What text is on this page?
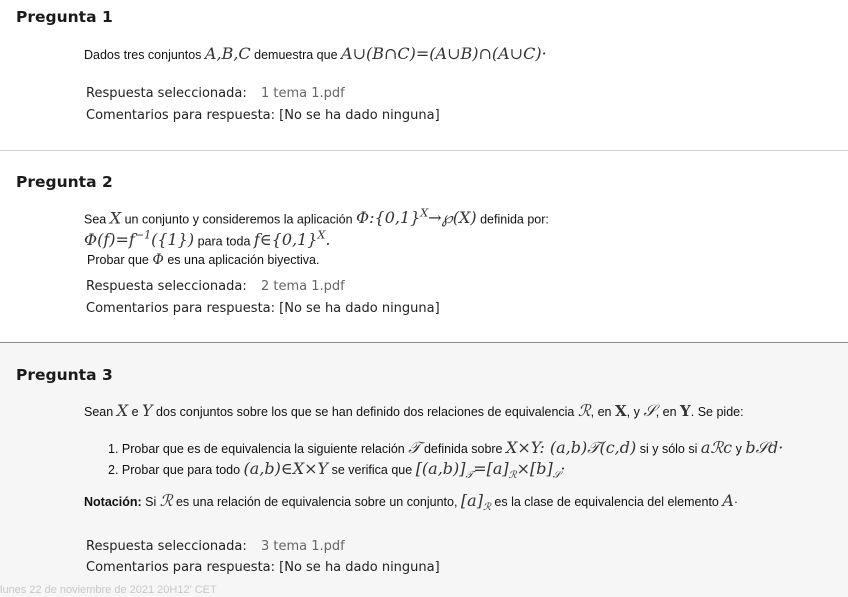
Pregunta 1
Dados tres conjuntos A,B,C demuestra que A∪(B∩C)=(A∪B)∩(A∪C)·
Respuesta seleccionada: 1 tema 1.pdf
Comentarios para respuesta: [No se ha dado ninguna]
Pregunta 2
Sea X un conjunto y consideremos la aplicación $\Phi:\{0,1\}^X\to℘(X)$ definida por:
$\Phi(f)=f^{-1}(\{1\})$ para toda $f\in\{0,1\}^X$.
Probar que Φ es una aplicación biyectiva.
Respuesta seleccionada: 2 tema 1.pdf
Comentarios para respuesta: [No se ha dado ninguna]
Pregunta 3
Sean X e Y dos conjuntos sobre los que se han definido dos relaciones de equivalencia ℛ, en X, y 𝒮, en Y. Se pide:
1. Probar que es de equivalencia la siguiente relación 𝒯 definida sobre X×Y: (a,b)𝒯(c,d) si y sólo si aℛc y b𝒮d·
2. Probar que para todo (a,b)∈X×Y se verifica que $[(a,b)]_𝒯=[a]_ℛ\times[b]_𝒮\cdot$
Notación: Si ℛ es una relación de equivalencia sobre un conjunto, $[a]_ℛ$ es la clase de equivalencia del elemento A·
Respuesta seleccionada: 3 tema 1.pdf
Comentarios para respuesta: [No se ha dado ninguna]
lunes 22 de noviembre de 2021 20H12' CET
